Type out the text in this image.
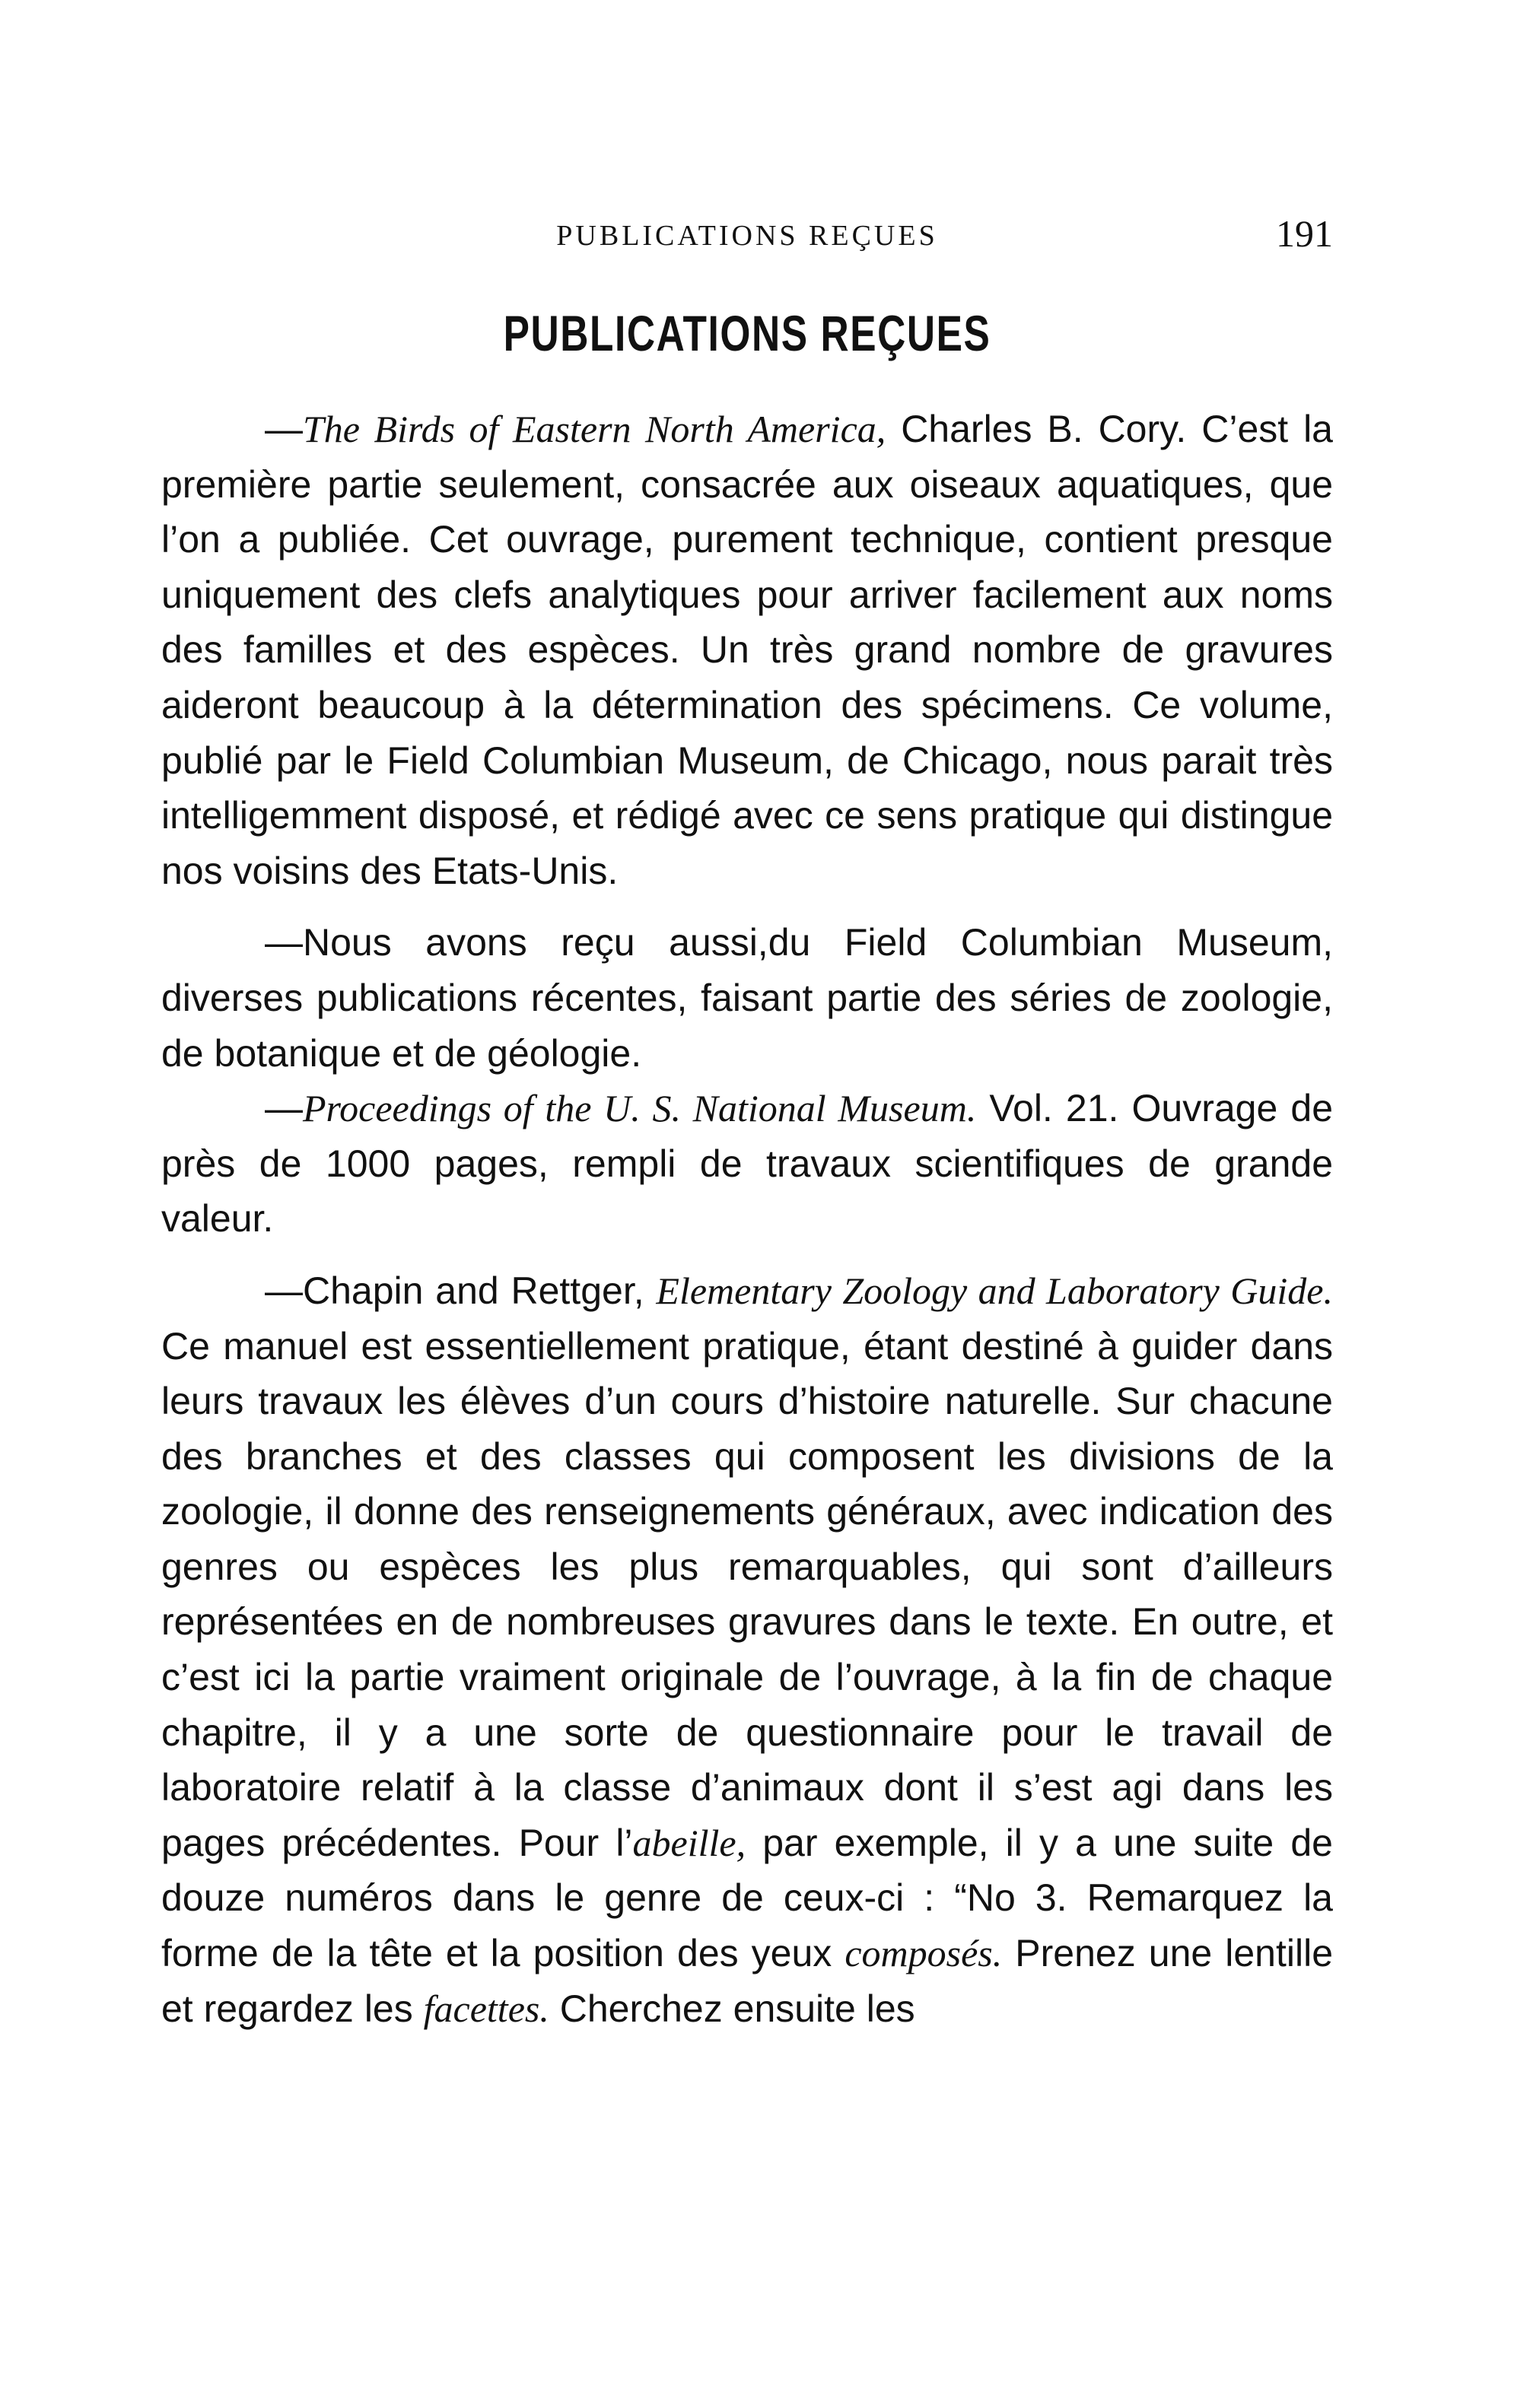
PUBLICATIONS REÇUES	191
PUBLICATIONS REÇUES

—The Birds of Eastern North America, Charles B. Cory. C’est la première partie seulement, consacrée aux oiseaux aquatiques, que l’on a publiée. Cet ouvrage, purement technique, contient presque uniquement des clefs analytiques pour arriver facilement aux noms des familles et des espèces. Un très grand nombre de gravures aideront beaucoup à la détermination des spécimens. Ce volume, publié par le Field Columbian Museum, de Chicago, nous parait très intelligemment disposé, et rédigé avec ce sens pratique qui distingue nos voisins des Etats-Unis.

—Nous avons reçu aussi,du Field Columbian Museum, diverses publications récentes, faisant partie des séries de zoologie, de botanique et de géologie.

—Proceedings of the U. S. National Museum. Vol. 21. Ouvrage de près de 1000 pages, rempli de travaux scientifiques de grande valeur.

—Chapin and Rettger, Elementary Zoology and Laboratory Guide. Ce manuel est essentiellement pratique, étant destiné à guider dans leurs travaux les élèves d’un cours d’histoire naturelle. Sur chacune des branches et des classes qui composent les divisions de la zoologie, il donne des renseignements généraux, avec indication des genres ou espèces les plus remarquables, qui sont d’ailleurs représentées en de nombreuses gravures dans le texte. En outre, et c’est ici la partie vraiment originale de l’ouvrage, à la fin de chaque chapitre, il y a une sorte de questionnaire pour le travail de laboratoire relatif à la classe d’animaux dont il s’est agi dans les pages précédentes. Pour l’abeille, par exemple, il y a une suite de douze numéros dans le genre de ceux-ci : “No 3. Remarquez la forme de la tête et la position des yeux composés. Prenez une lentille et regardez les facettes. Cherchez ensuite les
